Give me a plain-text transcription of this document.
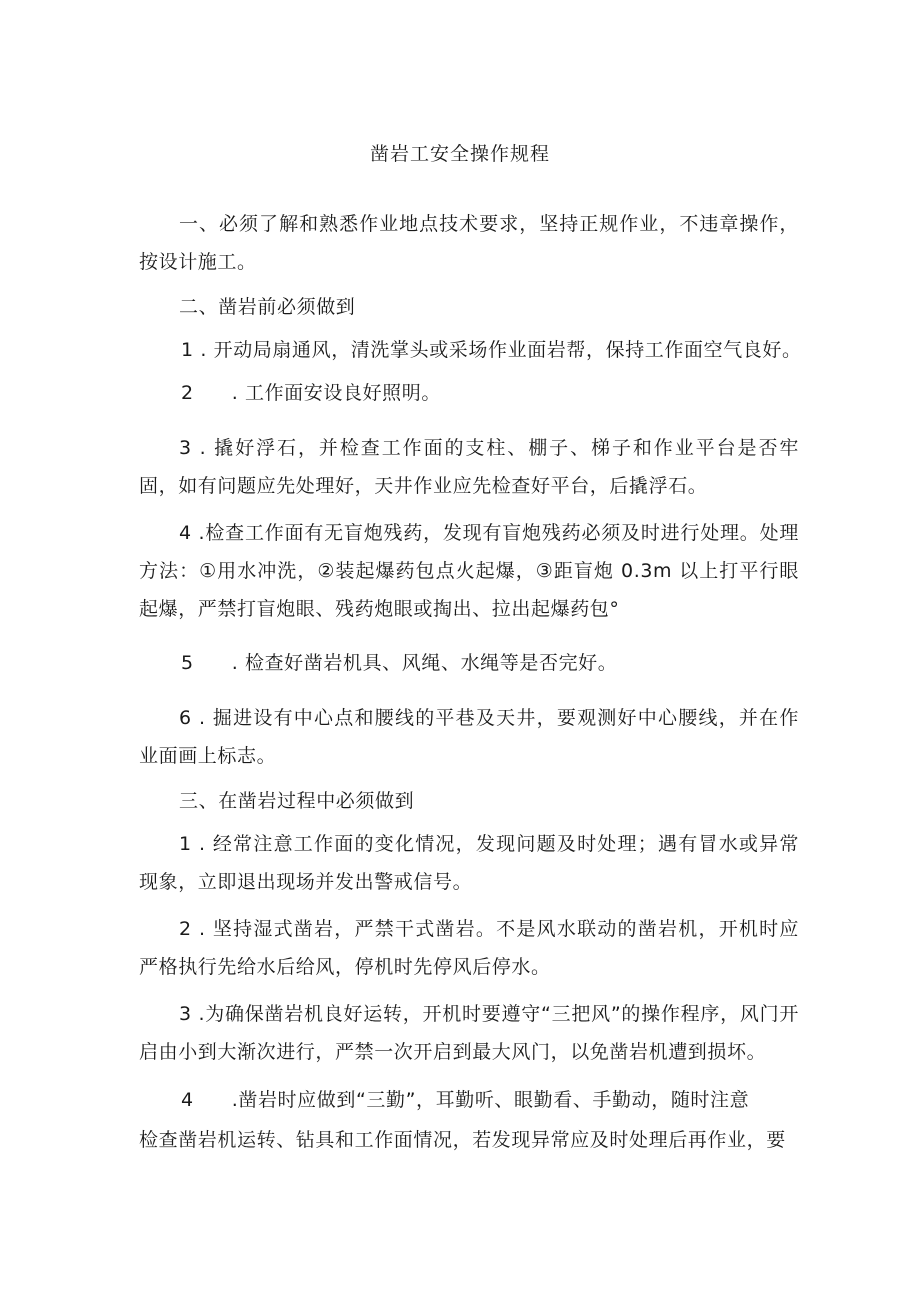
凿岩工安全操作规程
一、必须了解和熟悉作业地点技术要求，坚持正规作业，不违章操作，按设计施工。
二、凿岩前必须做到
1 . 开动局扇通风，清洗掌头或采场作业面岩帮，保持工作面空气良好。
2 . 工作面安设良好照明。
3 . 撬好浮石，并检查工作面的支柱、棚子、梯子和作业平台是否牢固，如有问题应先处理好，天井作业应先检查好平台，后撬浮石。
4 .检查工作面有无盲炮残药，发现有盲炮残药必须及时进行处理。处理方法：①用水冲洗，②装起爆药包点火起爆，③距盲炮 0.3m 以上打平行眼起爆，严禁打盲炮眼、残药炮眼或掏出、拉出起爆药包°
5 . 检查好凿岩机具、风绳、水绳等是否完好。
6 . 掘进设有中心点和腰线的平巷及天井，要观测好中心腰线，并在作业面画上标志。
三、在凿岩过程中必须做到
1 . 经常注意工作面的变化情况，发现问题及时处理；遇有冒水或异常现象，立即退出现场并发出警戒信号。
2 . 坚持湿式凿岩，严禁干式凿岩。不是风水联动的凿岩机，开机时应严格执行先给水后给风，停机时先停风后停水。
3 .为确保凿岩机良好运转，开机时要遵守“三把风”的操作程序，风门开启由小到大渐次进行，严禁一次开启到最大风门，以免凿岩机遭到损坏。
4 .凿岩时应做到“三勤”，耳勤听、眼勤看、手勤动，随时注意
检查凿岩机运转、钻具和工作面情况，若发现异常应及时处理后再作业，要
